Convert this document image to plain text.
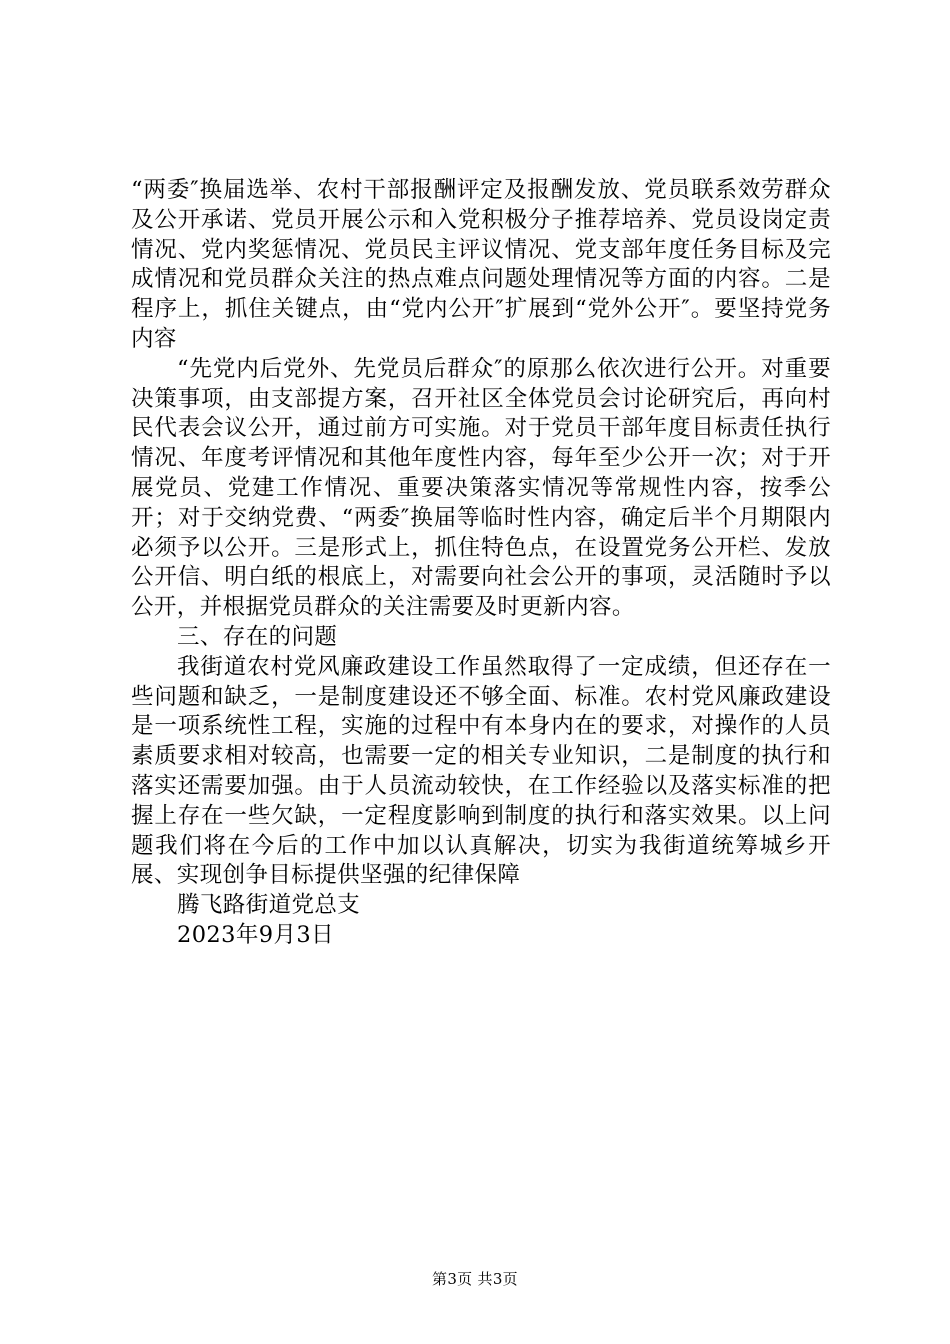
“两委″换届选举、农村干部报酬评定及报酬发放、党员联系效劳群众及公开承诺、党员开展公示和入党积极分子推荐培养、党员设岗定责情况、党内奖惩情况、党员民主评议情况、党支部年度任务目标及完成情况和党员群众关注的热点难点问题处理情况等方面的内容。二是程序上，抓住关键点，由“党内公开″扩展到“党外公开″。要坚持党务内容

“先党内后党外、先党员后群众″的原那么依次进行公开。对重要决策事项，由支部提方案，召开社区全体党员会讨论研究后，再向村民代表会议公开，通过前方可实施。对于党员干部年度目标责任执行情况、年度考评情况和其他年度性内容，每年至少公开一次；对于开展党员、党建工作情况、重要决策落实情况等常规性内容，按季公开；对于交纳党费、“两委″换届等临时性内容，确定后半个月期限内必须予以公开。三是形式上，抓住特色点，在设置党务公开栏、发放公开信、明白纸的根底上，对需要向社会公开的事项，灵活随时予以公开，并根据党员群众的关注需要及时更新内容。

三、存在的问题

我街道农村党风廉政建设工作虽然取得了一定成绩，但还存在一些问题和缺乏，一是制度建设还不够全面、标准。农村党风廉政建设是一项系统性工程，实施的过程中有本身内在的要求，对操作的人员素质要求相对较高，也需要一定的相关专业知识，二是制度的执行和落实还需要加强。由于人员流动较快，在工作经验以及落实标准的把握上存在一些欠缺，一定程度影响到制度的执行和落实效果。以上问题我们将在今后的工作中加以认真解决，切实为我街道统筹城乡开展、实现创争目标提供坚强的纪律保障

腾飞路街道党总支

2023年9月3日

第3页 共3页
